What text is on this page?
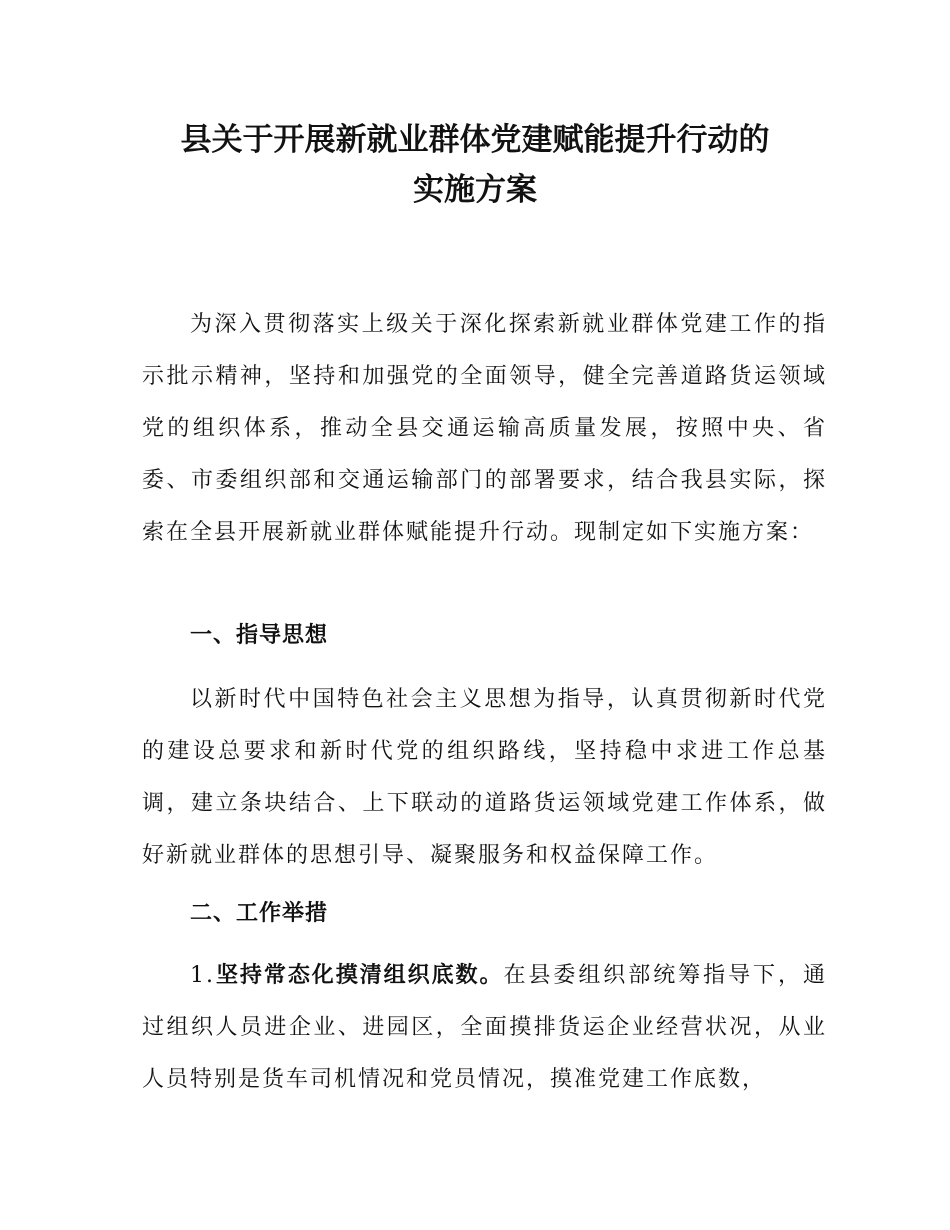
县关于开展新就业群体党建赋能提升行动的
实施方案

为深入贯彻落实上级关于深化探索新就业群体党建工作的指示批示精神，坚持和加强党的全面领导，健全完善道路货运领域党的组织体系，推动全县交通运输高质量发展，按照中央、省委、市委组织部和交通运输部门的部署要求，结合我县实际，探索在全县开展新就业群体赋能提升行动。现制定如下实施方案：

一、指导思想

以新时代中国特色社会主义思想为指导，认真贯彻新时代党的建设总要求和新时代党的组织路线，坚持稳中求进工作总基调，建立条块结合、上下联动的道路货运领域党建工作体系，做好新就业群体的思想引导、凝聚服务和权益保障工作。

二、工作举措

1.坚持常态化摸清组织底数。在县委组织部统筹指导下，通过组织人员进企业、进园区，全面摸排货运企业经营状况，从业人员特别是货车司机情况和党员情况，摸准党建工作底数，
